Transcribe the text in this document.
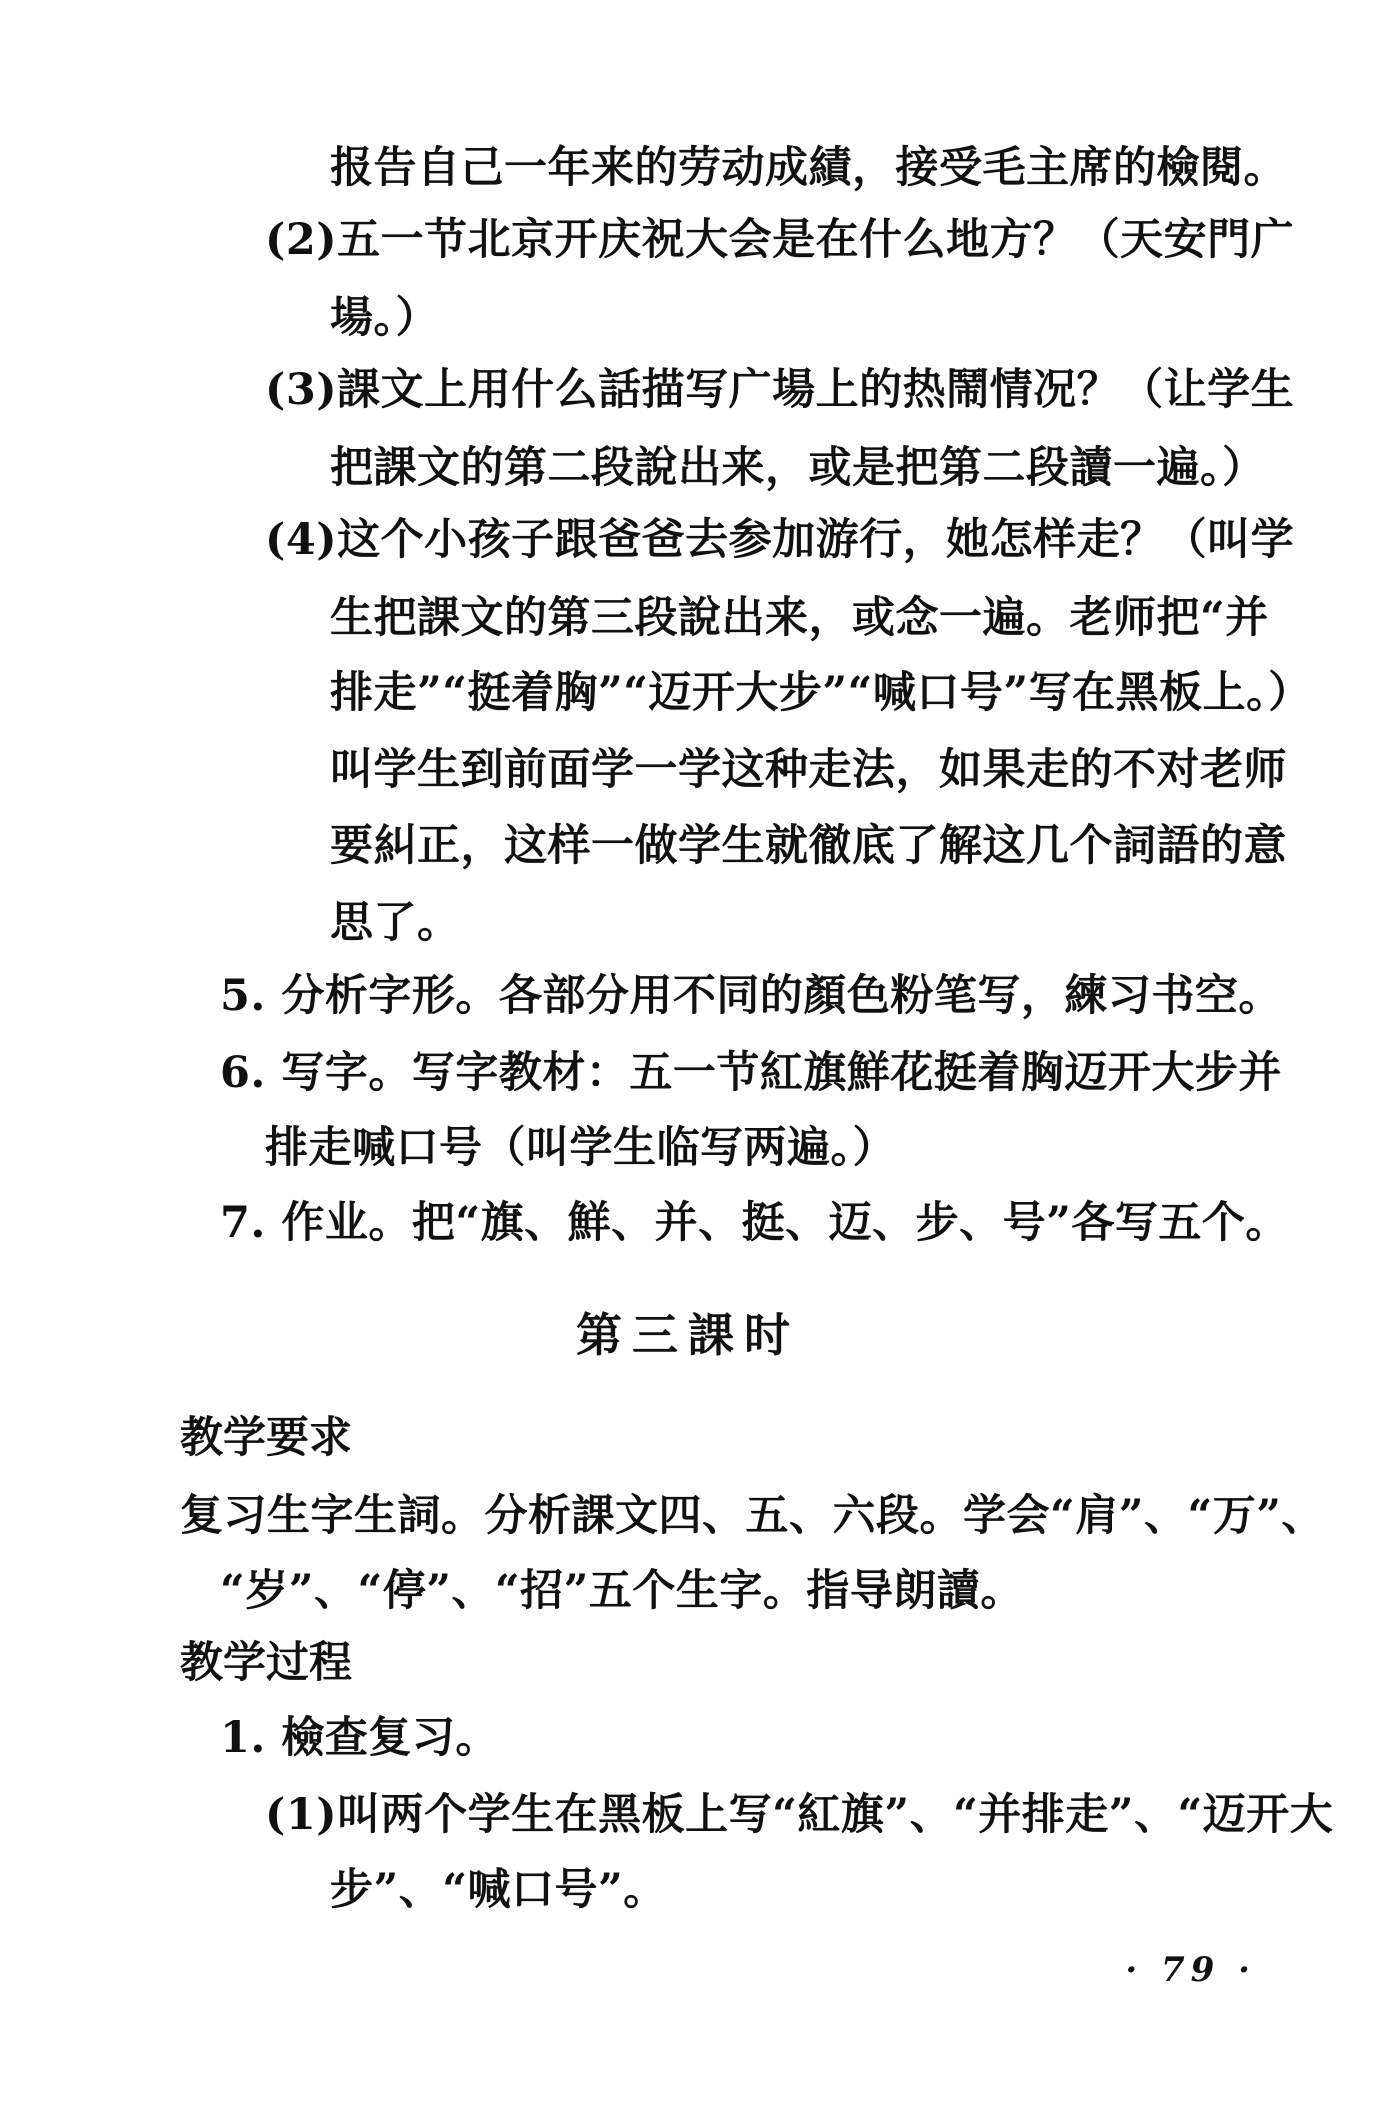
报告自己一年来的劳动成績，接受毛主席的檢閱。
(2)五一节北京开庆祝大会是在什么地方？（天安門广
場。）
(3)課文上用什么話描写广場上的热鬧情况？（让学生
把課文的第二段說出来，或是把第二段讀一遍。）
(4)这个小孩子跟爸爸去参加游行，她怎样走？（叫学
生把課文的第三段說出来，或念一遍。老师把“并
排走”“挺着胸”“迈开大步”“喊口号”写在黑板上。）
叫学生到前面学一学这种走法，如果走的不对老师
要糾正，这样一做学生就徹底了解这几个詞語的意
思了。
5. 分析字形。各部分用不同的顏色粉笔写，練习书空。
6. 写字。写字教材：五一节紅旗鮮花挺着胸迈开大步并
排走喊口号（叫学生临写两遍。）
7. 作业。把“旗、鮮、并、挺、迈、步、号”各写五个。
第三課时
教学要求
复习生字生詞。分析課文四、五、六段。学会“肩”、“万”、
“岁”、“停”、“招”五个生字。指导朗讀。
教学过程
1. 檢查复习。
(1)叫两个学生在黑板上写“紅旗”、“并排走”、“迈开大
步”、“喊口号”。
· 79 ·
